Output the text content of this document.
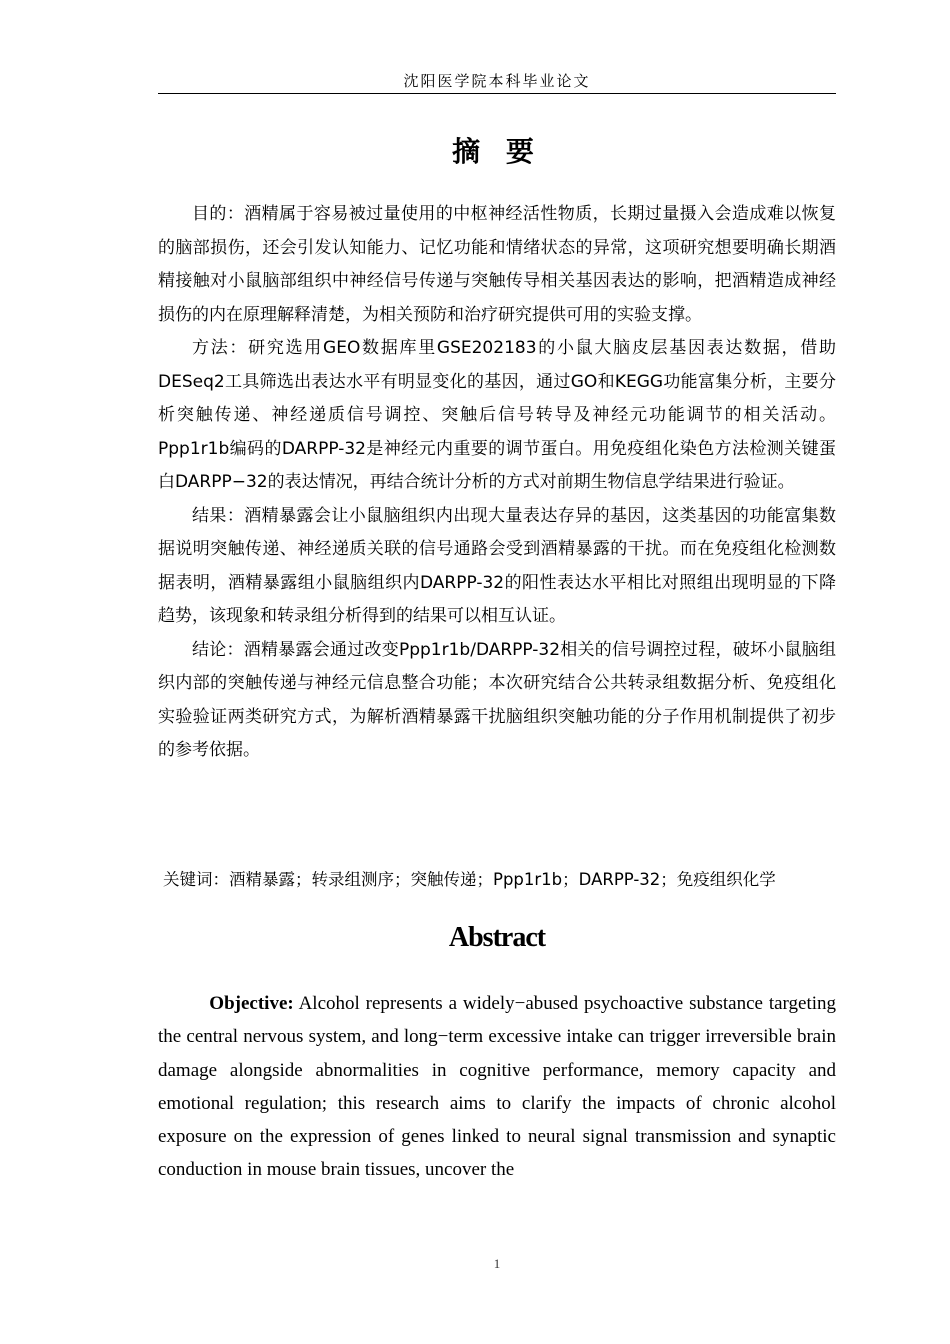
沈阳医学院本科毕业论文
摘 要

目的：酒精属于容易被过量使用的中枢神经活性物质，长期过量摄入会造成难以恢复的脑部损伤，还会引发认知能力、记忆功能和情绪状态的异常，这项研究想要明确长期酒精接触对小鼠脑部组织中神经信号传递与突触传导相关基因表达的影响，把酒精造成神经损伤的内在原理解释清楚，为相关预防和治疗研究提供可用的实验支撑。

方法：研究选用GEO数据库里GSE202183的小鼠大脑皮层基因表达数据，借助DESeq2工具筛选出表达水平有明显变化的基因，通过GO和KEGG功能富集分析，主要分析突触传递、神经递质信号调控、突触后信号转导及神经元功能调节的相关活动。Ppp1r1b编码的DARPP-32是神经元内重要的调节蛋白。用免疫组化染色方法检测关键蛋白DARPP−32的表达情况，再结合统计分析的方式对前期生物信息学结果进行验证。

结果：酒精暴露会让小鼠脑组织内出现大量表达存异的基因，这类基因的功能富集数据说明突触传递、神经递质关联的信号通路会受到酒精暴露的干扰。而在免疫组化检测数据表明，酒精暴露组小鼠脑组织内DARPP-32的阳性表达水平相比对照组出现明显的下降趋势，该现象和转录组分析得到的结果可以相互认证。

结论：酒精暴露会通过改变Ppp1r1b/DARPP-32相关的信号调控过程，破坏小鼠脑组织内部的突触传递与神经元信息整合功能；本次研究结合公共转录组数据分析、免疫组化实验验证两类研究方式，为解析酒精暴露干扰脑组织突触功能的分子作用机制提供了初步的参考依据。

关键词：酒精暴露；转录组测序；突触传递；Ppp1r1b；DARPP-32；免疫组织化学
Abstract

Objective: Alcohol represents a widely−abused psychoactive substance targeting the central nervous system, and long−term excessive intake can trigger irreversible brain damage alongside abnormalities in cognitive performance, memory capacity and emotional regulation; this research aims to clarify the impacts of chronic alcohol exposure on the expression of genes linked to neural signal transmission and synaptic conduction in mouse brain tissues, uncover the

1
